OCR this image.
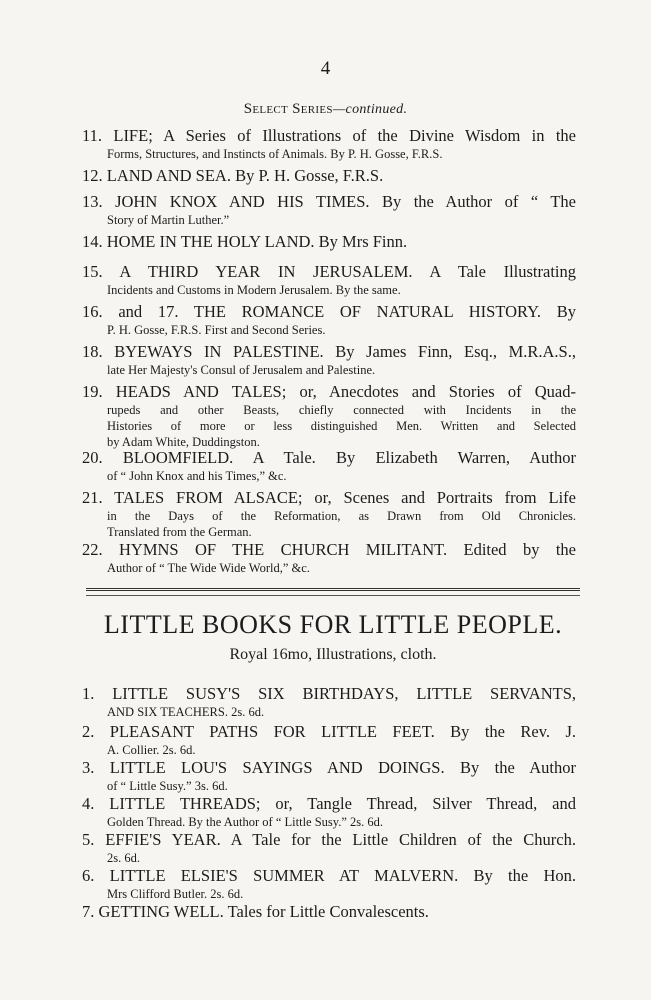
4
Select Series—continued.
11. LIFE; A Series of Illustrations of the Divine Wisdom in the
Forms, Structures, and Instincts of Animals. By P. H. Gosse, F.R.S.
12. LAND AND SEA. By P. H. Gosse, F.R.S.
13. JOHN KNOX AND HIS TIMES. By the Author of “ The
Story of Martin Luther.”
14. HOME IN THE HOLY LAND. By Mrs Finn.
15. A THIRD YEAR IN JERUSALEM. A Tale Illustrating
Incidents and Customs in Modern Jerusalem. By the same.
16. and 17. THE ROMANCE OF NATURAL HISTORY. By
P. H. Gosse, F.R.S. First and Second Series.
18. BYEWAYS IN PALESTINE. By James Finn, Esq., M.R.A.S.,
late Her Majesty's Consul of Jerusalem and Palestine.
19. HEADS AND TALES; or, Anecdotes and Stories of Quad-
rupeds and other Beasts, chiefly connected with Incidents in the
Histories of more or less distinguished Men. Written and Selected
by Adam White, Duddingston.
20. BLOOMFIELD. A Tale. By Elizabeth Warren, Author
of “ John Knox and his Times,” &c.
21. TALES FROM ALSACE; or, Scenes and Portraits from Life
in the Days of the Reformation, as Drawn from Old Chronicles.
Translated from the German.
22. HYMNS OF THE CHURCH MILITANT. Edited by the
Author of “ The Wide Wide World,” &c.
LITTLE BOOKS FOR LITTLE PEOPLE.
Royal 16mo, Illustrations, cloth.
1. LITTLE SUSY'S SIX BIRTHDAYS, LITTLE SERVANTS,
AND SIX TEACHERS. 2s. 6d.
2. PLEASANT PATHS FOR LITTLE FEET. By the Rev. J.
A. Collier. 2s. 6d.
3. LITTLE LOU'S SAYINGS AND DOINGS. By the Author
of “ Little Susy.” 3s. 6d.
4. LITTLE THREADS; or, Tangle Thread, Silver Thread, and
Golden Thread. By the Author of “ Little Susy.” 2s. 6d.
5. EFFIE'S YEAR. A Tale for the Little Children of the Church.
2s. 6d.
6. LITTLE ELSIE'S SUMMER AT MALVERN. By the Hon.
Mrs Clifford Butler. 2s. 6d.
7. GETTING WELL. Tales for Little Convalescents.
